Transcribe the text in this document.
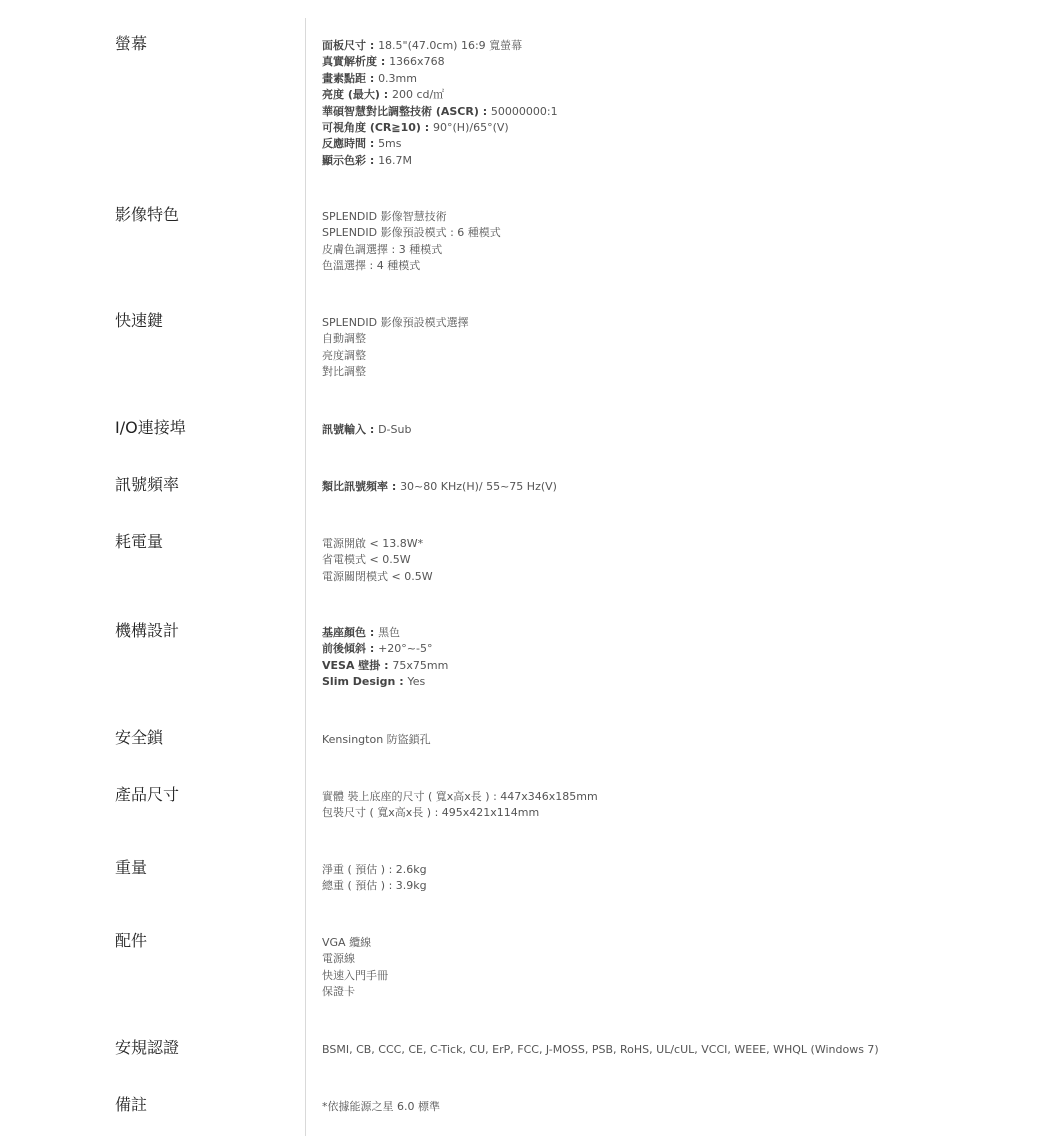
螢幕	面板尺寸 : 18.5"(47.0cm) 16:9 寬螢幕
真實解析度 : 1366x768
畫素點距 : 0.3mm
亮度 (最大) : 200 cd/㎡
華碩智慧對比調整技術 (ASCR) : 50000000:1
可視角度 (CR≧10) : 90°(H)/65°(V)
反應時間 : 5ms
顯示色彩 : 16.7M
影像特色	SPLENDID 影像智慧技術
SPLENDID 影像預設模式 : 6 種模式
皮膚色調選擇 : 3 種模式
色溫選擇 : 4 種模式
快速鍵	SPLENDID 影像預設模式選擇
自動調整
亮度調整
對比調整
I/O連接埠	訊號輸入 : D-Sub
訊號頻率	類比訊號頻率 : 30~80 KHz(H)/ 55~75 Hz(V)
耗電量	電源開啟 < 13.8W*
省電模式 < 0.5W
電源關閉模式 < 0.5W
機構設計	基座顏色 : 黑色
前後傾斜 : +20°~-5°
VESA 壁掛 : 75x75mm
Slim Design : Yes
安全鎖	Kensington 防盜鎖孔
產品尺寸	實體 裝上底座的尺寸 ( 寬x高x長 ) : 447x346x185mm
包裝尺寸 ( 寬x高x長 ) : 495x421x114mm
重量	淨重 ( 預估 ) : 2.6kg
總重 ( 預估 ) : 3.9kg
配件	VGA 纜線
電源線
快速入門手冊
保證卡
安規認證	BSMI, CB, CCC, CE, C-Tick, CU, ErP, FCC, J-MOSS, PSB, RoHS, UL/cUL, VCCI, WEEE, WHQL (Windows 7)
備註	*依據能源之星 6.0 標準
